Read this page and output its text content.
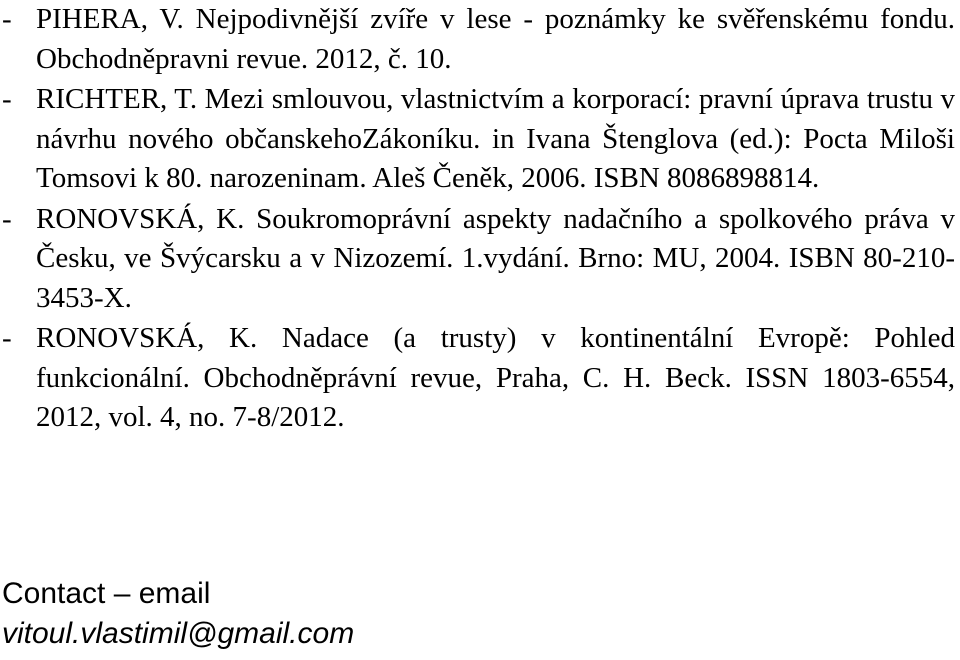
- PIHERA, V. Nejpodivnější zvíře v lese - poznámky ke svěřenskému fondu. Obchodněpravni revue. 2012, č. 10.
- RICHTER, T. Mezi smlouvou, vlastnictvím a korporací: pravní úprava trustu v návrhu nového občanskehoZákoníku. in Ivana Štenglova (ed.): Pocta Miloši Tomsovi k 80. narozeninam. Aleš Čeněk, 2006. ISBN 8086898814.
- RONOVSKÁ, K. Soukromoprávní aspekty nadačního a spolkového práva v Česku, ve Švýcarsku a v Nizozemí. 1.vydání. Brno: MU, 2004. ISBN 80-210-3453-X.
- RONOVSKÁ, K. Nadace (a trusty) v kontinentální Evropě: Pohled funkcionální. Obchodněprávní revue, Praha, C. H. Beck. ISSN 1803-6554, 2012, vol. 4, no. 7-8/2012.
Contact – email
vitoul.vlastimil@gmail.com
